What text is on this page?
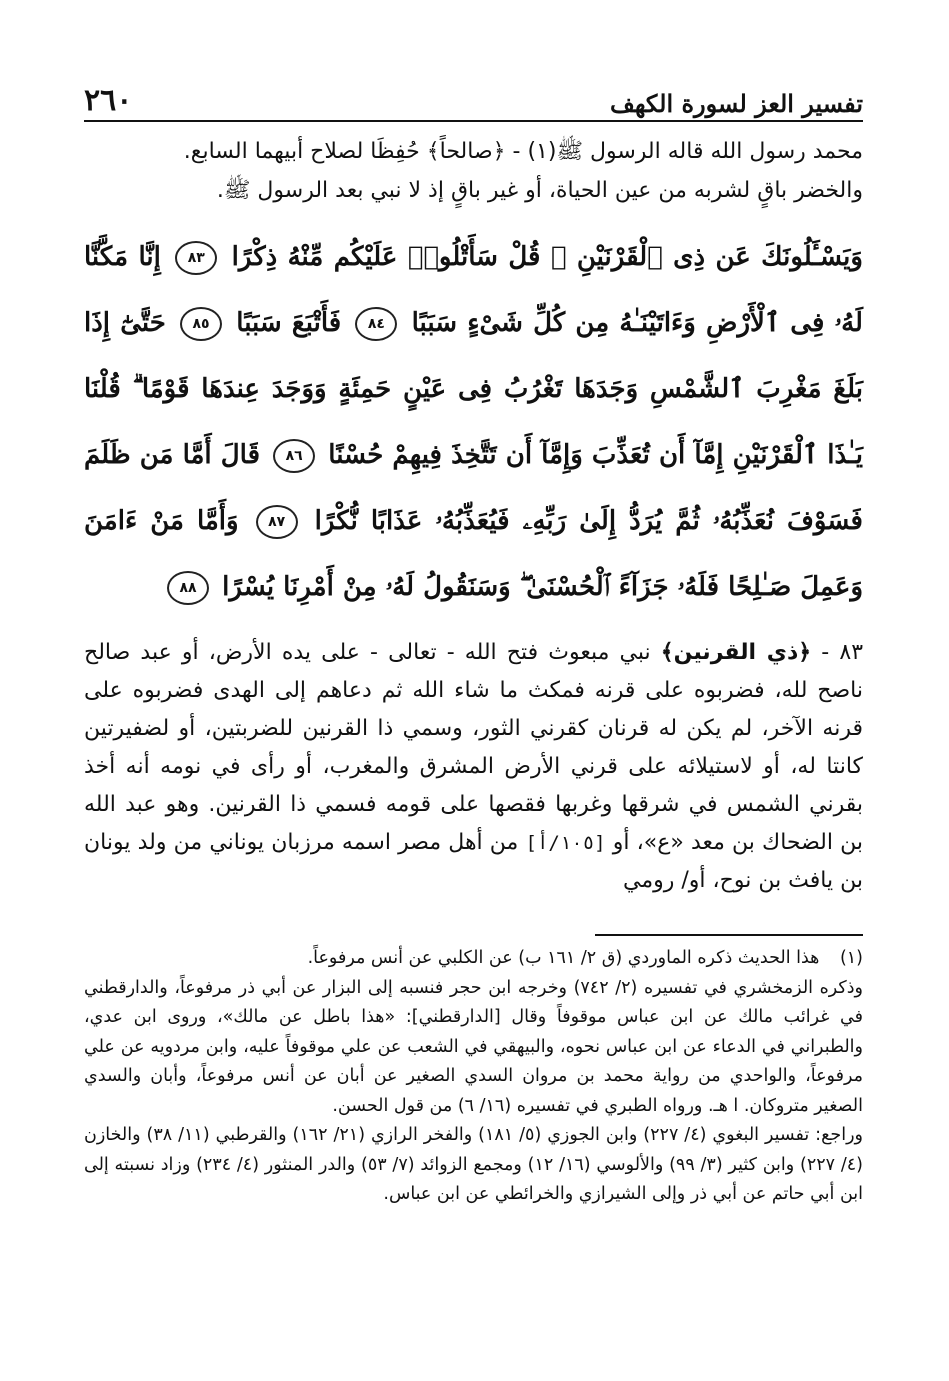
تفسير العز لسورة الكهف
٢٦٠

محمد رسول الله قاله الرسول ﷺ(١) - ﴿صالحاً﴾ حُفِظَا لصلاح أبيهما السابع.

والخضر باقٍ لشربه من عين الحياة، أو غير باقٍ إذ لا نبي بعد الرسول ﷺ.

وَيَسْـَٔلُونَكَ عَن ذِى ٱلْقَرْنَيْنِ ۖ قُلْ سَأَتْلُوا۟ عَلَيْكُم مِّنْهُ ذِكْرًا ٨٣ إِنَّا مَكَّنَّا لَهُۥ فِى ٱلْأَرْضِ وَءَاتَيْنَـٰهُ مِن كُلِّ شَىْءٍ سَبَبًا ٨٤ فَأَتْبَعَ سَبَبًا ٨٥ حَتَّىٰٓ إِذَا بَلَغَ مَغْرِبَ ٱلشَّمْسِ وَجَدَهَا تَغْرُبُ فِى عَيْنٍ حَمِئَةٍ وَوَجَدَ عِندَهَا قَوْمًا ۗ قُلْنَا يَـٰذَا ٱلْقَرْنَيْنِ إِمَّآ أَن تُعَذِّبَ وَإِمَّآ أَن تَتَّخِذَ فِيهِمْ حُسْنًا ٨٦ قَالَ أَمَّا مَن ظَلَمَ فَسَوْفَ نُعَذِّبُهُۥ ثُمَّ يُرَدُّ إِلَىٰ رَبِّهِۦ فَيُعَذِّبُهُۥ عَذَابًا نُّكْرًا ٨٧ وَأَمَّا مَنْ ءَامَنَ وَعَمِلَ صَـٰلِحًا فَلَهُۥ جَزَآءً ٱلْحُسْنَىٰ ۖ وَسَنَقُولُ لَهُۥ مِنْ أَمْرِنَا يُسْرًا ٨٨

٨٣ - ﴿ذي القرنين﴾ نبي مبعوث فتح الله - تعالى - على يده الأرض، أو عبد صالح ناصح لله، فضربوه على قرنه فمكث ما شاء الله ثم دعاهم إلى الهدى فضربوه على قرنه الآخر، لم يكن له قرنان كقرني الثور، وسمي ذا القرنين للضربتين، أو لضفيرتين كانتا له، أو لاستيلائه على قرني الأرض المشرق والمغرب، أو رأى في نومه أنه أخذ بقرني الشمس في شرقها وغربها فقصها على قومه فسمي ذا القرنين. وهو عبد الله بن الضحاك بن معد «ع»، أو [١٠٥/أ] من أهل مصر اسمه مرزبان يوناني من ولد يونان بن يافث بن نوح، أو/ رومي

(١) هذا الحديث ذكره الماوردي (ق ٢/ ١٦١ ب) عن الكلبي عن أنس مرفوعاً.

وذكره الزمخشري في تفسيره (٢/ ٧٤٢) وخرجه ابن حجر فنسبه إلى البزار عن أبي ذر مرفوعاً، والدارقطني في غرائب مالك عن ابن عباس موقوفاً وقال [الدارقطني]: «هذا باطل عن مالك»، وروى ابن عدي، والطبراني في الدعاء عن ابن عباس نحوه، والبيهقي في الشعب عن علي موقوفاً عليه، وابن مردويه عن علي مرفوعاً، والواحدي من رواية محمد بن مروان السدي الصغير عن أبان عن أنس مرفوعاً، وأبان والسدي الصغير متروكان. ا هـ. ورواه الطبري في تفسيره (١٦/ ٦) من قول الحسن.

وراجع: تفسير البغوي (٤/ ٢٢٧) وابن الجوزي (٥/ ١٨١) والفخر الرازي (٢١/ ١٦٢) والقرطبي (١١/ ٣٨) والخازن (٤/ ٢٢٧) وابن كثير (٣/ ٩٩) والألوسي (١٦/ ١٢) ومجمع الزوائد (٧/ ٥٣) والدر المنثور (٤/ ٢٣٤) وزاد نسبته إلى ابن أبي حاتم عن أبي ذر وإلى الشيرازي والخرائطي عن ابن عباس.
